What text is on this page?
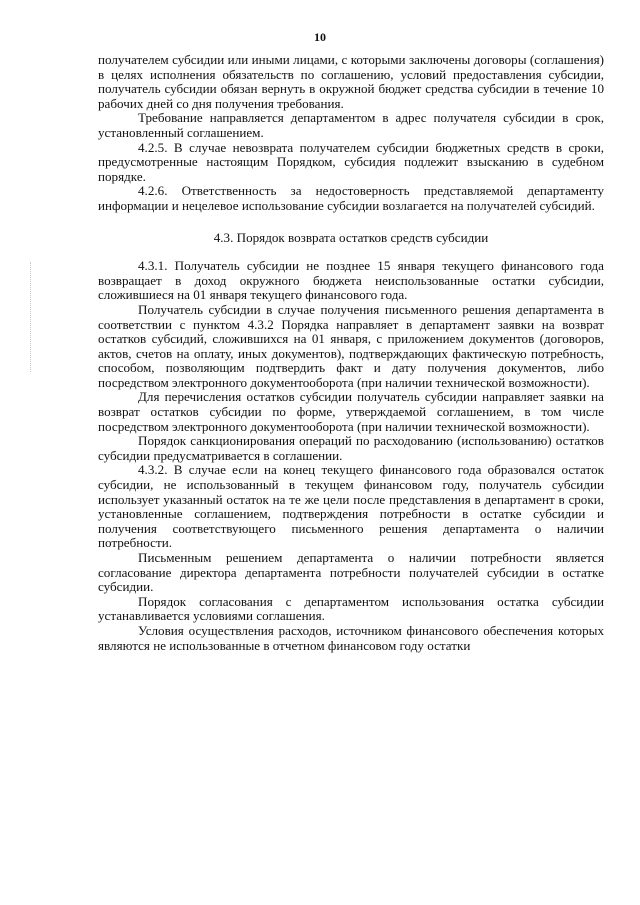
10

получателем субсидии или иными лицами, с которыми заключены договоры (соглашения) в целях исполнения обязательств по соглашению, условий предоставления субсидии, получатель субсидии обязан вернуть в окружной бюджет средства субсидии в течение 10 рабочих дней со дня получения требования.

Требование направляется департаментом в адрес получателя субсидии в срок, установленный соглашением.

4.2.5. В случае невозврата получателем субсидии бюджетных средств в сроки, предусмотренные настоящим Порядком, субсидия подлежит взысканию в судебном порядке.

4.2.6. Ответственность за недостоверность представляемой департаменту информации и нецелевое использование субсидии возлагается на получателей субсидий.

4.3. Порядок возврата остатков средств субсидии

4.3.1. Получатель субсидии не позднее 15 января текущего финансового года возвращает в доход окружного бюджета неиспользованные остатки субсидии, сложившиеся на 01 января текущего финансового года.

Получатель субсидии в случае получения письменного решения департамента в соответствии с пунктом 4.3.2 Порядка направляет в департамент заявки на возврат остатков субсидий, сложившихся на 01 января, с приложением документов (договоров, актов, счетов на оплату, иных документов), подтверждающих фактическую потребность, способом, позволяющим подтвердить факт и дату получения документов, либо посредством электронного документооборота (при наличии технической возможности).

Для перечисления остатков субсидии получатель субсидии направляет заявки на возврат остатков субсидии по форме, утверждаемой соглашением, в том числе посредством электронного документооборота (при наличии технической возможности).

Порядок санкционирования операций по расходованию (использованию) остатков субсидии предусматривается в соглашении.

4.3.2. В случае если на конец текущего финансового года образовался остаток субсидии, не использованный в текущем финансовом году, получатель субсидии использует указанный остаток на те же цели после представления в департамент в сроки, установленные соглашением, подтверждения потребности в остатке субсидии и получения соответствующего письменного решения департамента о наличии потребности.

Письменным решением департамента о наличии потребности является согласование директора департамента потребности получателей субсидии в остатке субсидии.

Порядок согласования с департаментом использования остатка субсидии устанавливается условиями соглашения.

Условия осуществления расходов, источником финансового обеспечения которых являются не использованные в отчетном финансовом году остатки
